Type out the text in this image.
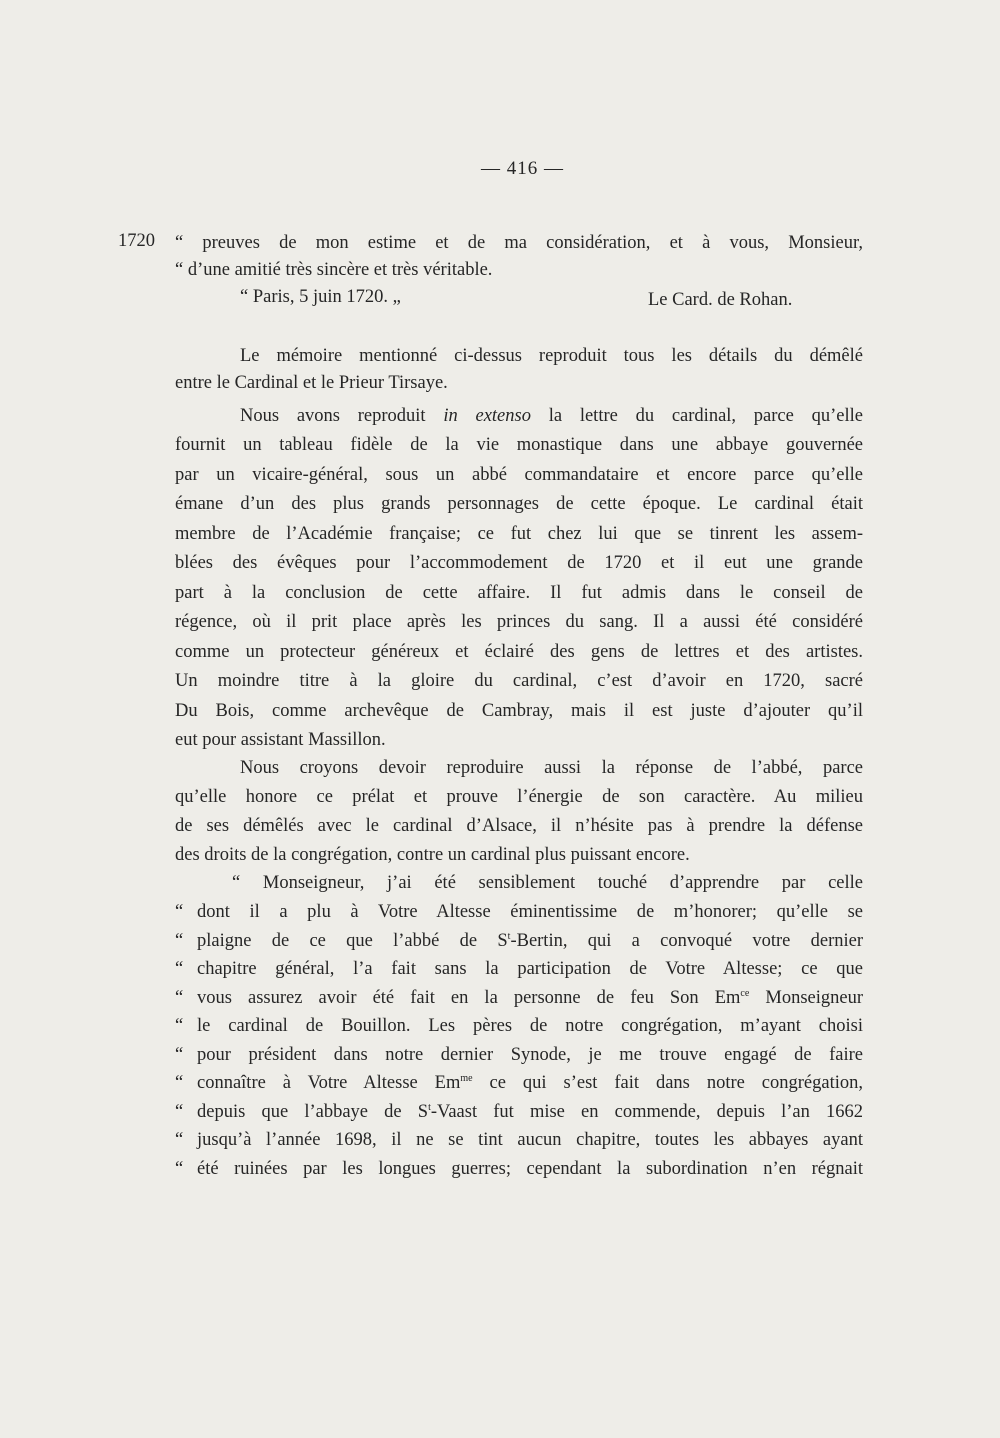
— 416 —
1720 “ preuves de mon estime et de ma considération, et à vous, Monsieur,
“ d’une amitié très sincère et très véritable.
“ Paris, 5 juin 1720. „	Le Card. de Rohan.
Le mémoire mentionné ci-dessus reproduit tous les détails du démêlé
entre le Cardinal et le Prieur Tirsaye.
Nous avons reproduit in extenso la lettre du cardinal, parce qu’elle
fournit un tableau fidèle de la vie monastique dans une abbaye gouvernée
par un vicaire-général, sous un abbé commandataire et encore parce qu’elle
émane d’un des plus grands personnages de cette époque. Le cardinal était
membre de l’Académie française; ce fut chez lui que se tinrent les assem-
blées des évêques pour l’accommodement de 1720 et il eut une grande
part à la conclusion de cette affaire. Il fut admis dans le conseil de
régence, où il prit place après les princes du sang. Il a aussi été considéré
comme un protecteur généreux et éclairé des gens de lettres et des artistes.
Un moindre titre à la gloire du cardinal, c’est d’avoir en 1720, sacré
Du Bois, comme archevêque de Cambray, mais il est juste d’ajouter qu’il
eut pour assistant Massillon.
Nous croyons devoir reproduire aussi la réponse de l’abbé, parce
qu’elle honore ce prélat et prouve l’énergie de son caractère. Au milieu
de ses démêlés avec le cardinal d’Alsace, il n’hésite pas à prendre la défense
des droits de la congrégation, contre un cardinal plus puissant encore.
“ Monseigneur, j’ai été sensiblement touché d’apprendre par celle
“ dont il a plu à Votre Altesse éminentissime de m’honorer; qu’elle se
“ plaigne de ce que l’abbé de $S^t$-Bertin, qui a convoqué votre dernier
“ chapitre général, l’a fait sans la participation de Votre Altesse; ce que
“ vous assurez avoir été fait en la personne de feu Son $Em^{ce}$ Monseigneur
“ le cardinal de Bouillon. Les pères de notre congrégation, m’ayant choisi
“ pour président dans notre dernier Synode, je me trouve engagé de faire
“ connaître à Votre Altesse $Em^{me}$ ce qui s’est fait dans notre congrégation,
“ depuis que l’abbaye de $S^t$-Vaast fut mise en commende, depuis l’an 1662
“ jusqu’à l’année 1698, il ne se tint aucun chapitre, toutes les abbayes ayant
“ été ruinées par les longues guerres; cependant la subordination n’en régnait
